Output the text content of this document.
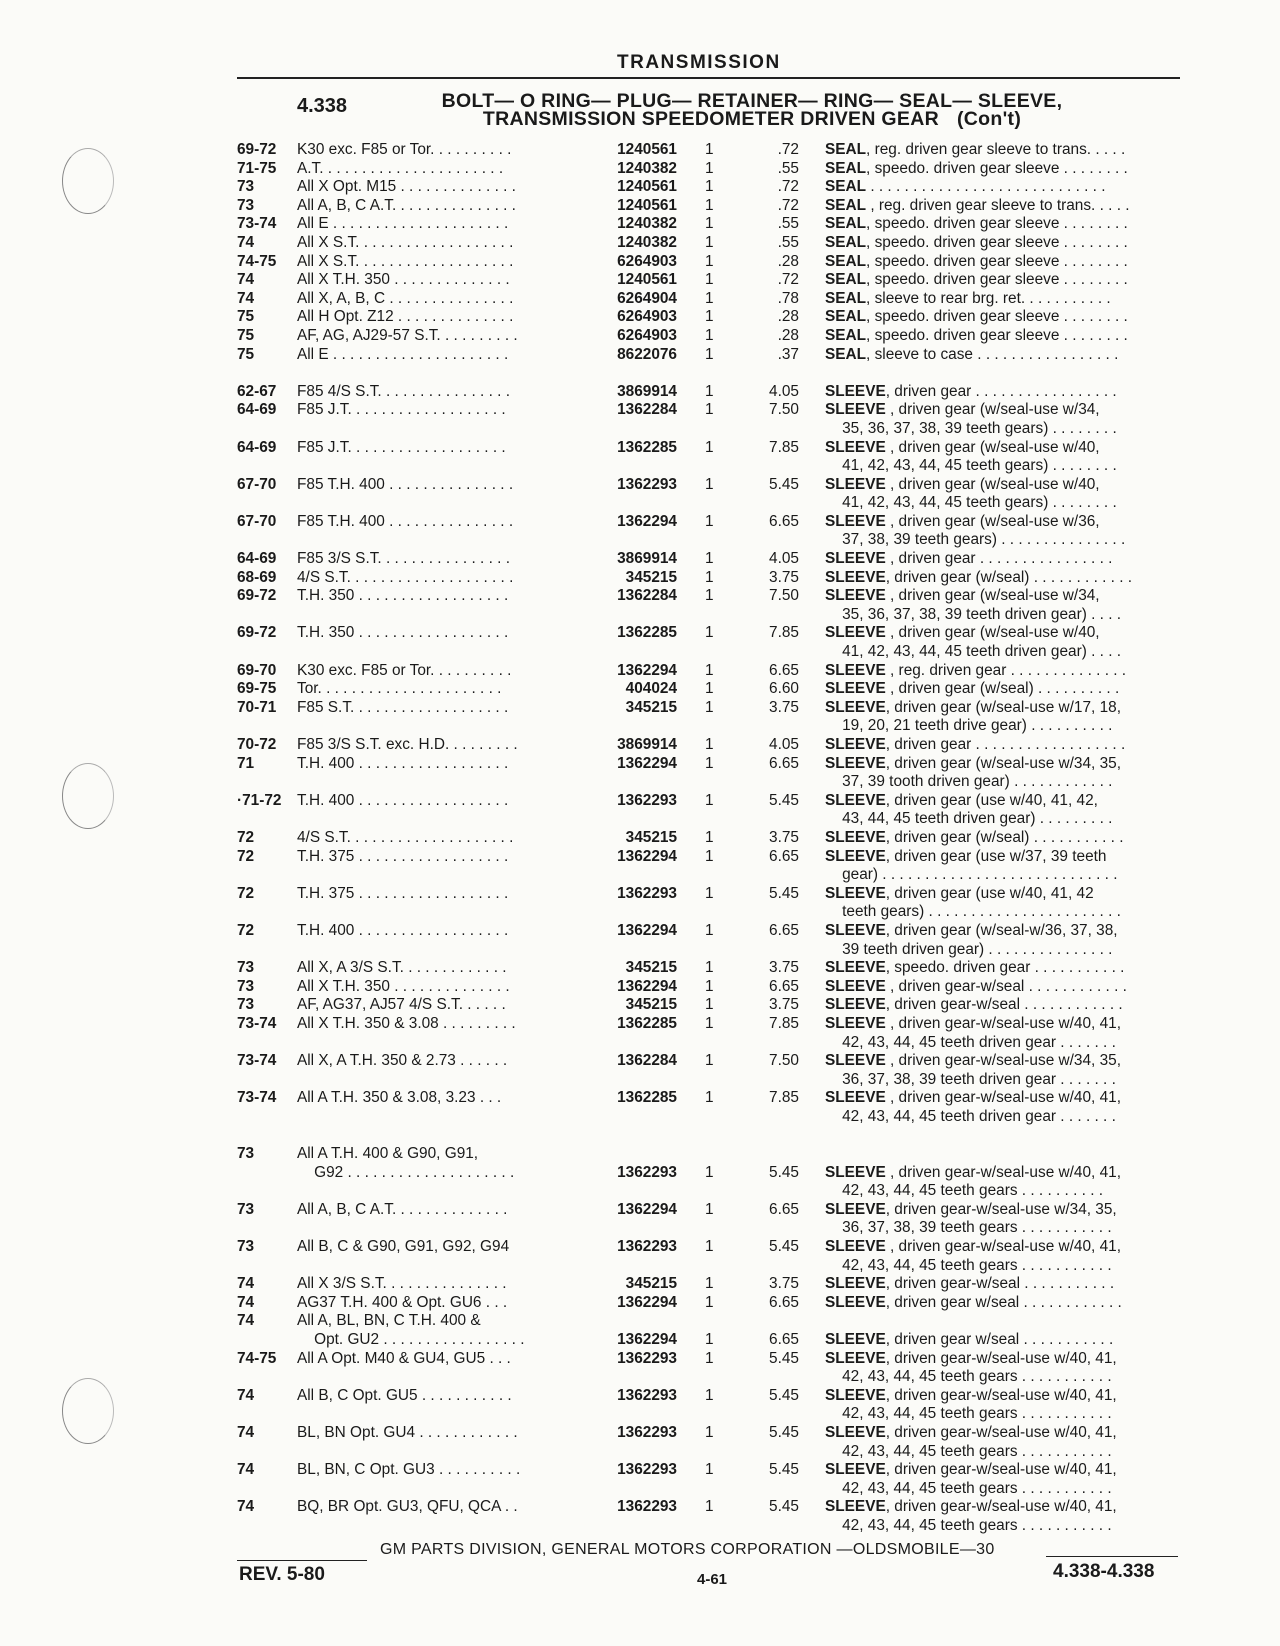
TRANSMISSION
4.338	BOLT— O RING— PLUG— RETAINER— RING— SEAL— SLEEVE,
TRANSMISSION SPEEDOMETER DRIVEN GEAR (Con't)
69-72	K30 exc. F85 or Tor. . . . . . . . . .	1240561	1	.72	SEAL, reg. driven gear sleeve to trans. . . . .
71-75	A.T. . . . . . . . . . . . . . . . . . . . . .	1240382	1	.55	SEAL, speedo. driven gear sleeve . . . . . . . .
73	All X Opt. M15 . . . . . . . . . . . . . .	1240561	1	.72	SEAL . . . . . . . . . . . . . . . . . . . . . . . . . . . .
73	All A, B, C A.T. . . . . . . . . . . . . . .	1240561	1	.72	SEAL , reg. driven gear sleeve to trans. . . . .
73-74	All E . . . . . . . . . . . . . . . . . . . . .	1240382	1	.55	SEAL, speedo. driven gear sleeve . . . . . . . .
74	All X S.T. . . . . . . . . . . . . . . . . . .	1240382	1	.55	SEAL, speedo. driven gear sleeve . . . . . . . .
74-75	All X S.T. . . . . . . . . . . . . . . . . . .	6264903	1	.28	SEAL, speedo. driven gear sleeve . . . . . . . .
74	All X T.H. 350 . . . . . . . . . . . . . .	1240561	1	.72	SEAL, speedo. driven gear sleeve . . . . . . . .
74	All X, A, B, C . . . . . . . . . . . . . . .	6264904	1	.78	SEAL, sleeve to rear brg. ret. . . . . . . . . . .
75	All H Opt. Z12 . . . . . . . . . . . . . .	6264903	1	.28	SEAL, speedo. driven gear sleeve . . . . . . . .
75	AF, AG, AJ29-57 S.T. . . . . . . . . .	6264903	1	.28	SEAL, speedo. driven gear sleeve . . . . . . . .
75	All E . . . . . . . . . . . . . . . . . . . . .	8622076	1	.37	SEAL, sleeve to case . . . . . . . . . . . . . . . . .
62-67	F85 4/S S.T. . . . . . . . . . . . . . . .	3869914	1	4.05	SLEEVE, driven gear . . . . . . . . . . . . . . . . .
64-69	F85 J.T. . . . . . . . . . . . . . . . . . .	1362284	1	7.50	SLEEVE , driven gear (w/seal-use w/34,
35, 36, 37, 38, 39 teeth gears) . . . . . . . .
64-69	F85 J.T. . . . . . . . . . . . . . . . . . .	1362285	1	7.85	SLEEVE , driven gear (w/seal-use w/40,
41, 42, 43, 44, 45 teeth gears) . . . . . . . .
67-70	F85 T.H. 400 . . . . . . . . . . . . . . .	1362293	1	5.45	SLEEVE , driven gear (w/seal-use w/40,
41, 42, 43, 44, 45 teeth gears) . . . . . . . .
67-70	F85 T.H. 400 . . . . . . . . . . . . . . .	1362294	1	6.65	SLEEVE , driven gear (w/seal-use w/36,
37, 38, 39 teeth gears) . . . . . . . . . . . . . . .
64-69	F85 3/S S.T. . . . . . . . . . . . . . . .	3869914	1	4.05	SLEEVE , driven gear . . . . . . . . . . . . . . . .
68-69	4/S S.T. . . . . . . . . . . . . . . . . . . .	345215	1	3.75	SLEEVE, driven gear (w/seal) . . . . . . . . . . . .
69-72	T.H. 350 . . . . . . . . . . . . . . . . . .	1362284	1	7.50	SLEEVE , driven gear (w/seal-use w/34,
35, 36, 37, 38, 39 teeth driven gear) . . . .
69-72	T.H. 350 . . . . . . . . . . . . . . . . . .	1362285	1	7.85	SLEEVE , driven gear (w/seal-use w/40,
41, 42, 43, 44, 45 teeth driven gear) . . . .
69-70	K30 exc. F85 or Tor. . . . . . . . . .	1362294	1	6.65	SLEEVE , reg. driven gear . . . . . . . . . . . . . .
69-75	Tor. . . . . . . . . . . . . . . . . . . . . .	404024	1	6.60	SLEEVE , driven gear (w/seal) . . . . . . . . . .
70-71	F85 S.T. . . . . . . . . . . . . . . . . . .	345215	1	3.75	SLEEVE, driven gear (w/seal-use w/17, 18,
19, 20, 21 teeth drive gear) . . . . . . . . . .
70-72	F85 3/S S.T. exc. H.D. . . . . . . . .	3869914	1	4.05	SLEEVE, driven gear . . . . . . . . . . . . . . . . . .
71	T.H. 400 . . . . . . . . . . . . . . . . . .	1362294	1	6.65	SLEEVE, driven gear (w/seal-use w/34, 35,
37, 39 tooth driven gear) . . . . . . . . . . . .
·71-72	T.H. 400 . . . . . . . . . . . . . . . . . .	1362293	1	5.45	SLEEVE, driven gear (use w/40, 41, 42,
43, 44, 45 teeth driven gear) . . . . . . . . .
72	4/S S.T. . . . . . . . . . . . . . . . . . . .	345215	1	3.75	SLEEVE, driven gear (w/seal) . . . . . . . . . . .
72	T.H. 375 . . . . . . . . . . . . . . . . . .	1362294	1	6.65	SLEEVE, driven gear (use w/37, 39 teeth
gear) . . . . . . . . . . . . . . . . . . . . . . . . . . . .
72	T.H. 375 . . . . . . . . . . . . . . . . . .	1362293	1	5.45	SLEEVE, driven gear (use w/40, 41, 42
teeth gears) . . . . . . . . . . . . . . . . . . . . . . .
72	T.H. 400 . . . . . . . . . . . . . . . . . .	1362294	1	6.65	SLEEVE, driven gear (w/seal-w/36, 37, 38,
39 teeth driven gear) . . . . . . . . . . . . . . .
73	All X, A 3/S S.T. . . . . . . . . . . . .	345215	1	3.75	SLEEVE, speedo. driven gear . . . . . . . . . . .
73	All X T.H. 350 . . . . . . . . . . . . . .	1362294	1	6.65	SLEEVE , driven gear-w/seal . . . . . . . . . . . .
73	AF, AG37, AJ57 4/S S.T. . . . . .	345215	1	3.75	SLEEVE, driven gear-w/seal . . . . . . . . . . . .
73-74	All X T.H. 350 & 3.08 . . . . . . . . .	1362285	1	7.85	SLEEVE , driven gear-w/seal-use w/40, 41,
42, 43, 44, 45 teeth driven gear . . . . . . .
73-74	All X, A T.H. 350 & 2.73 . . . . . .	1362284	1	7.50	SLEEVE , driven gear-w/seal-use w/34, 35,
36, 37, 38, 39 teeth driven gear . . . . . . .
73-74	All A T.H. 350 & 3.08, 3.23 . . .	1362285	1	7.85	SLEEVE , driven gear-w/seal-use w/40, 41,
42, 43, 44, 45 teeth driven gear . . . . . . .
73	All A T.H. 400 & G90, G91,
G92 . . . . . . . . . . . . . . . . . . . .	1362293	1	5.45	SLEEVE , driven gear-w/seal-use w/40, 41,
42, 43, 44, 45 teeth gears . . . . . . . . . .
73	All A, B, C A.T. . . . . . . . . . . . . .	1362294	1	6.65	SLEEVE, driven gear-w/seal-use w/34, 35,
36, 37, 38, 39 teeth gears . . . . . . . . . . .
73	All B, C & G90, G91, G92, G94	1362293	1	5.45	SLEEVE , driven gear-w/seal-use w/40, 41,
42, 43, 44, 45 teeth gears . . . . . . . . . . .
74	All X 3/S S.T. . . . . . . . . . . . . . .	345215	1	3.75	SLEEVE, driven gear-w/seal . . . . . . . . . . .
74	AG37 T.H. 400 & Opt. GU6 . . .	1362294	1	6.65	SLEEVE, driven gear w/seal . . . . . . . . . . . .
74	All A, BL, BN, C T.H. 400 &
Opt. GU2 . . . . . . . . . . . . . . . . .	1362294	1	6.65	SLEEVE, driven gear w/seal . . . . . . . . . . .
74-75	All A Opt. M40 & GU4, GU5 . . .	1362293	1	5.45	SLEEVE, driven gear-w/seal-use w/40, 41,
42, 43, 44, 45 teeth gears . . . . . . . . . . .
74	All B, C Opt. GU5 . . . . . . . . . . .	1362293	1	5.45	SLEEVE, driven gear-w/seal-use w/40, 41,
42, 43, 44, 45 teeth gears . . . . . . . . . . .
74	BL, BN Opt. GU4 . . . . . . . . . . . .	1362293	1	5.45	SLEEVE, driven gear-w/seal-use w/40, 41,
42, 43, 44, 45 teeth gears . . . . . . . . . . .
74	BL, BN, C Opt. GU3 . . . . . . . . . .	1362293	1	5.45	SLEEVE, driven gear-w/seal-use w/40, 41,
42, 43, 44, 45 teeth gears . . . . . . . . . . .
74	BQ, BR Opt. GU3, QFU, QCA . .	1362293	1	5.45	SLEEVE, driven gear-w/seal-use w/40, 41,
42, 43, 44, 45 teeth gears . . . . . . . . . . .
GM PARTS DIVISION, GENERAL MOTORS CORPORATION —OLDSMOBILE—30
REV. 5-80	4-61	4.338-4.338
